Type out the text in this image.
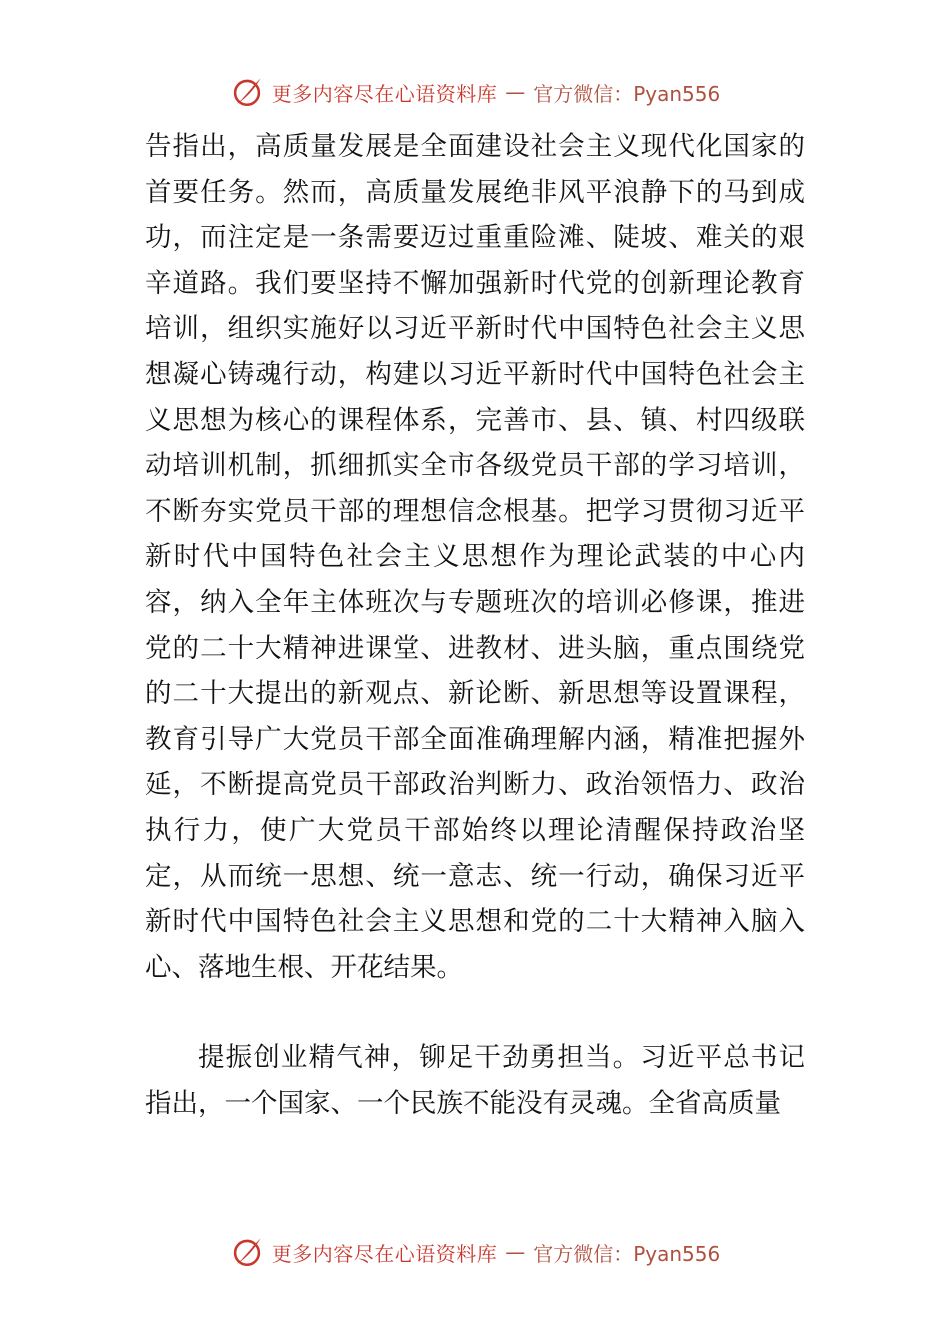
更多内容尽在心语资料库 — 官方微信：Pyan556

告指出，高质量发展是全面建设社会主义现代化国家的首要任务。然而，高质量发展绝非风平浪静下的马到成功，而注定是一条需要迈过重重险滩、陡坡、难关的艰辛道路。我们要坚持不懈加强新时代党的创新理论教育培训，组织实施好以习近平新时代中国特色社会主义思想凝心铸魂行动，构建以习近平新时代中国特色社会主义思想为核心的课程体系，完善市、县、镇、村四级联动培训机制，抓细抓实全市各级党员干部的学习培训，不断夯实党员干部的理想信念根基。把学习贯彻习近平新时代中国特色社会主义思想作为理论武装的中心内容，纳入全年主体班次与专题班次的培训必修课，推进党的二十大精神进课堂、进教材、进头脑，重点围绕党的二十大提出的新观点、新论断、新思想等设置课程，教育引导广大党员干部全面准确理解内涵，精准把握外延，不断提高党员干部政治判断力、政治领悟力、政治执行力，使广大党员干部始终以理论清醒保持政治坚定，从而统一思想、统一意志、统一行动，确保习近平新时代中国特色社会主义思想和党的二十大精神入脑入心、落地生根、开花结果。

提振创业精气神，铆足干劲勇担当。习近平总书记指出，一个国家、一个民族不能没有灵魂。全省高质量

更多内容尽在心语资料库 — 官方微信：Pyan556
